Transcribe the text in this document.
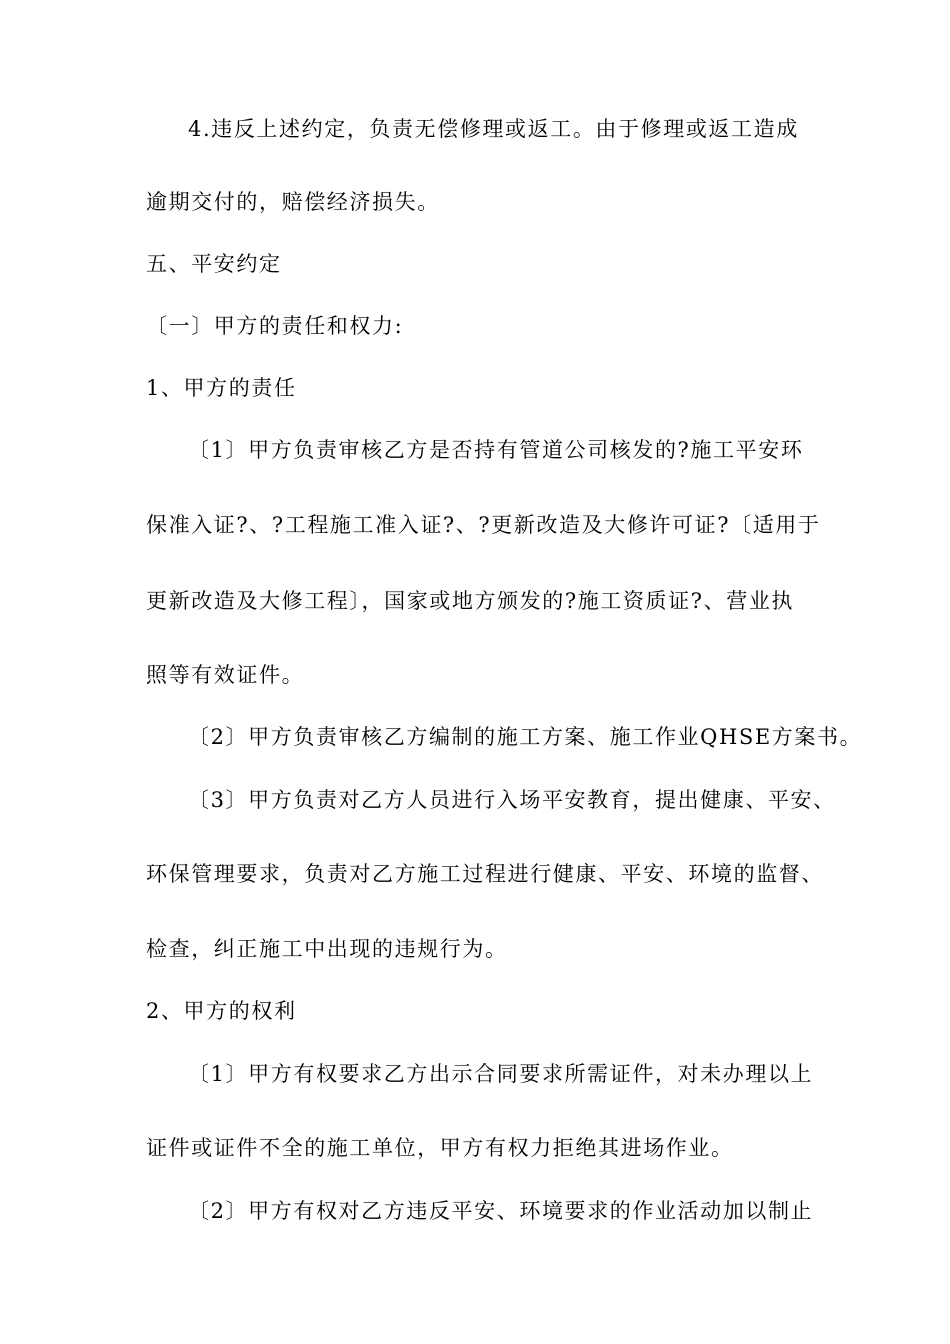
4.违反上述约定，负责无偿修理或返工。由于修理或返工造成
逾期交付的，赔偿经济损失。
五、平安约定
〔一〕甲方的责任和权力:
1、甲方的责任
〔1〕甲方负责审核乙方是否持有管道公司核发的?施工平安环
保准入证?、?工程施工准入证?、?更新改造及大修许可证?〔适用于
更新改造及大修工程〕，国家或地方颁发的?施工资质证?、营业执
照等有效证件。
〔2〕甲方负责审核乙方编制的施工方案、施工作业QHSE方案书。
〔3〕甲方负责对乙方人员进行入场平安教育，提出健康、平安、
环保管理要求，负责对乙方施工过程进行健康、平安、环境的监督、
检查，纠正施工中出现的违规行为。
2、甲方的权利
〔1〕甲方有权要求乙方出示合同要求所需证件，对未办理以上
证件或证件不全的施工单位，甲方有权力拒绝其进场作业。
〔2〕甲方有权对乙方违反平安、环境要求的作业活动加以制止
